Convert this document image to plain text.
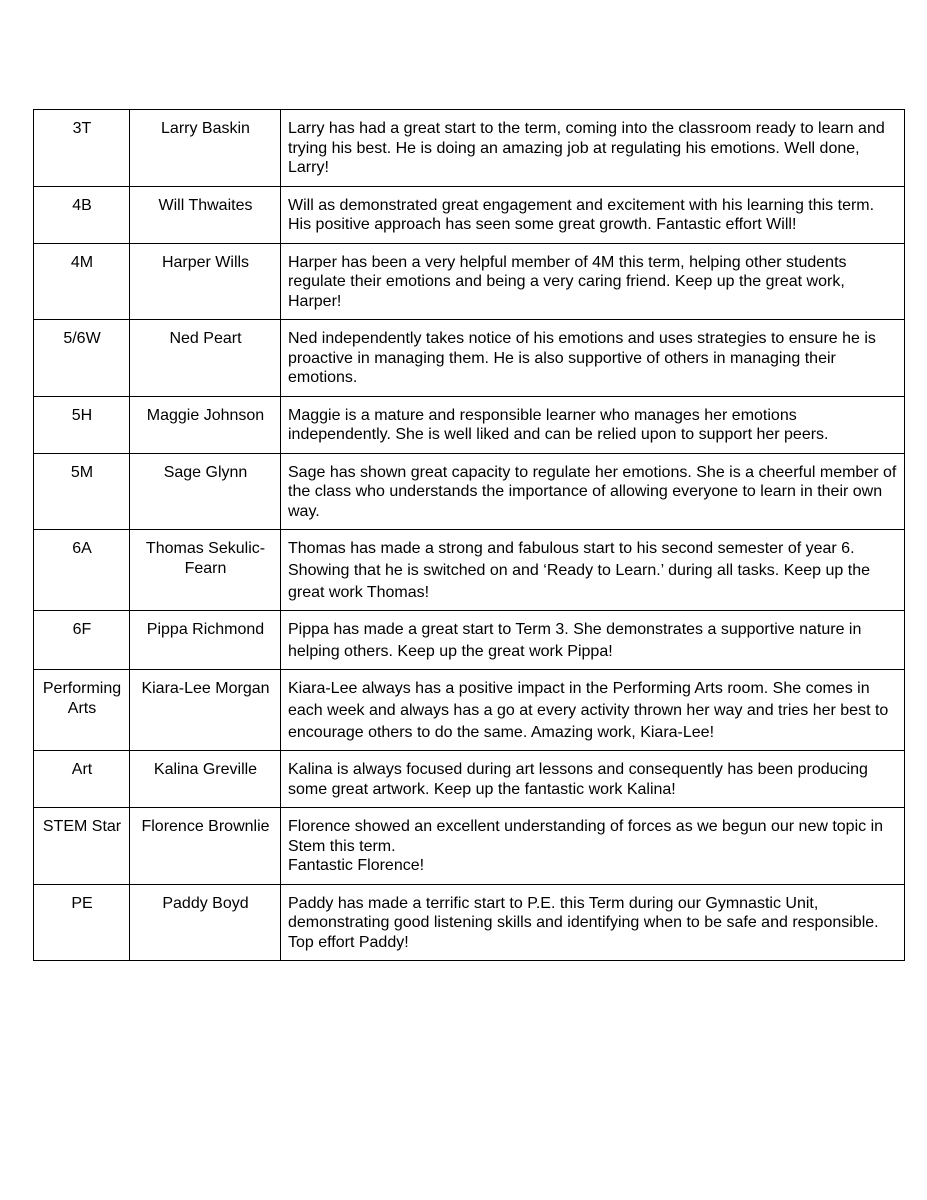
3T	Larry Baskin	Larry has had a great start to the term, coming into the classroom ready to learn and trying his best. He is doing an amazing job at regulating his emotions. Well done, Larry!
4B	Will Thwaites	Will as demonstrated great engagement and excitement with his learning this term. His positive approach has seen some great growth. Fantastic effort Will!
4M	Harper Wills	Harper has been a very helpful member of 4M this term, helping other students regulate their emotions and being a very caring friend. Keep up the great work, Harper!
5/6W	Ned Peart	Ned independently takes notice of his emotions and uses strategies to ensure he is proactive in managing them. He is also supportive of others in managing their emotions.
5H	Maggie Johnson	Maggie is a mature and responsible learner who manages her emotions independently. She is well liked and can be relied upon to support her peers.
5M	Sage Glynn	Sage has shown great capacity to regulate her emotions. She is a cheerful member of the class who understands the importance of allowing everyone to learn in their own way.
6A	Thomas Sekulic-Fearn	Thomas has made a strong and fabulous start to his second semester of year 6. Showing that he is switched on and ‘Ready to Learn.’ during all tasks. Keep up the great work Thomas!
6F	Pippa Richmond	Pippa has made a great start to Term 3. She demonstrates a supportive nature in helping others. Keep up the great work Pippa!
Performing Arts	Kiara-Lee Morgan	Kiara-Lee always has a positive impact in the Performing Arts room. She comes in each week and always has a go at every activity thrown her way and tries her best to encourage others to do the same. Amazing work, Kiara-Lee!
Art	Kalina Greville	Kalina is always focused during art lessons and consequently has been producing some great artwork. Keep up the fantastic work Kalina!
STEM Star	Florence Brownlie	Florence showed an excellent understanding of forces as we begun our new topic in Stem this term.
Fantastic Florence!
PE	Paddy Boyd	Paddy has made a terrific start to P.E. this Term during our Gymnastic Unit, demonstrating good listening skills and identifying when to be safe and responsible. Top effort Paddy!
